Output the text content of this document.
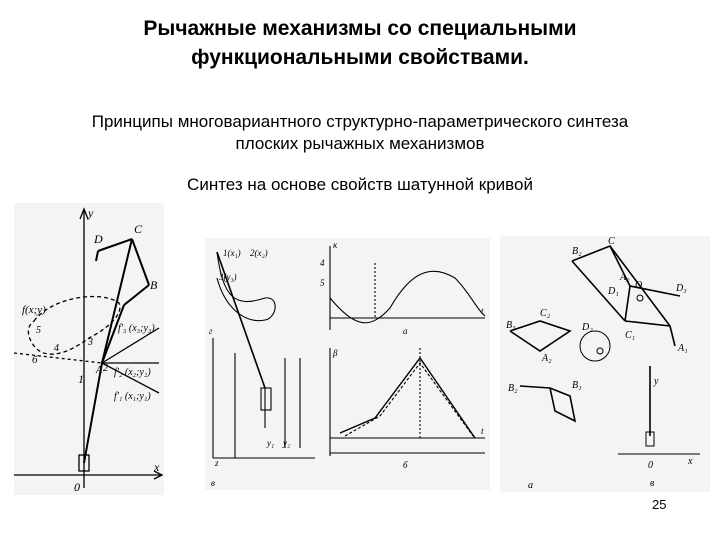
Рычажные механизмы со специальными
функциональными свойствами.
Принципы многовариантного структурно-параметрического синтеза
плоских рычажных механизмов
Синтез на основе свойств шатунной кривой
y
x
0
C
D
B
f(x;y)
1
2
3
4
5
б
A
f'₃ (x₃;y₃)
f'₂ (x₂;y₂)
f'₁ (x₁;y₁)
1(x₁) 2(x₂)
3(y₃)
κ
4
5
t
t
а
б
в
г
β
z
y₁ y₂
B₂
C
A₂
D₁
O	D₃
C₂
D₂
B₃
A₂
C₁
A₁
B₁
B₂
y
x
0
а	в
25
